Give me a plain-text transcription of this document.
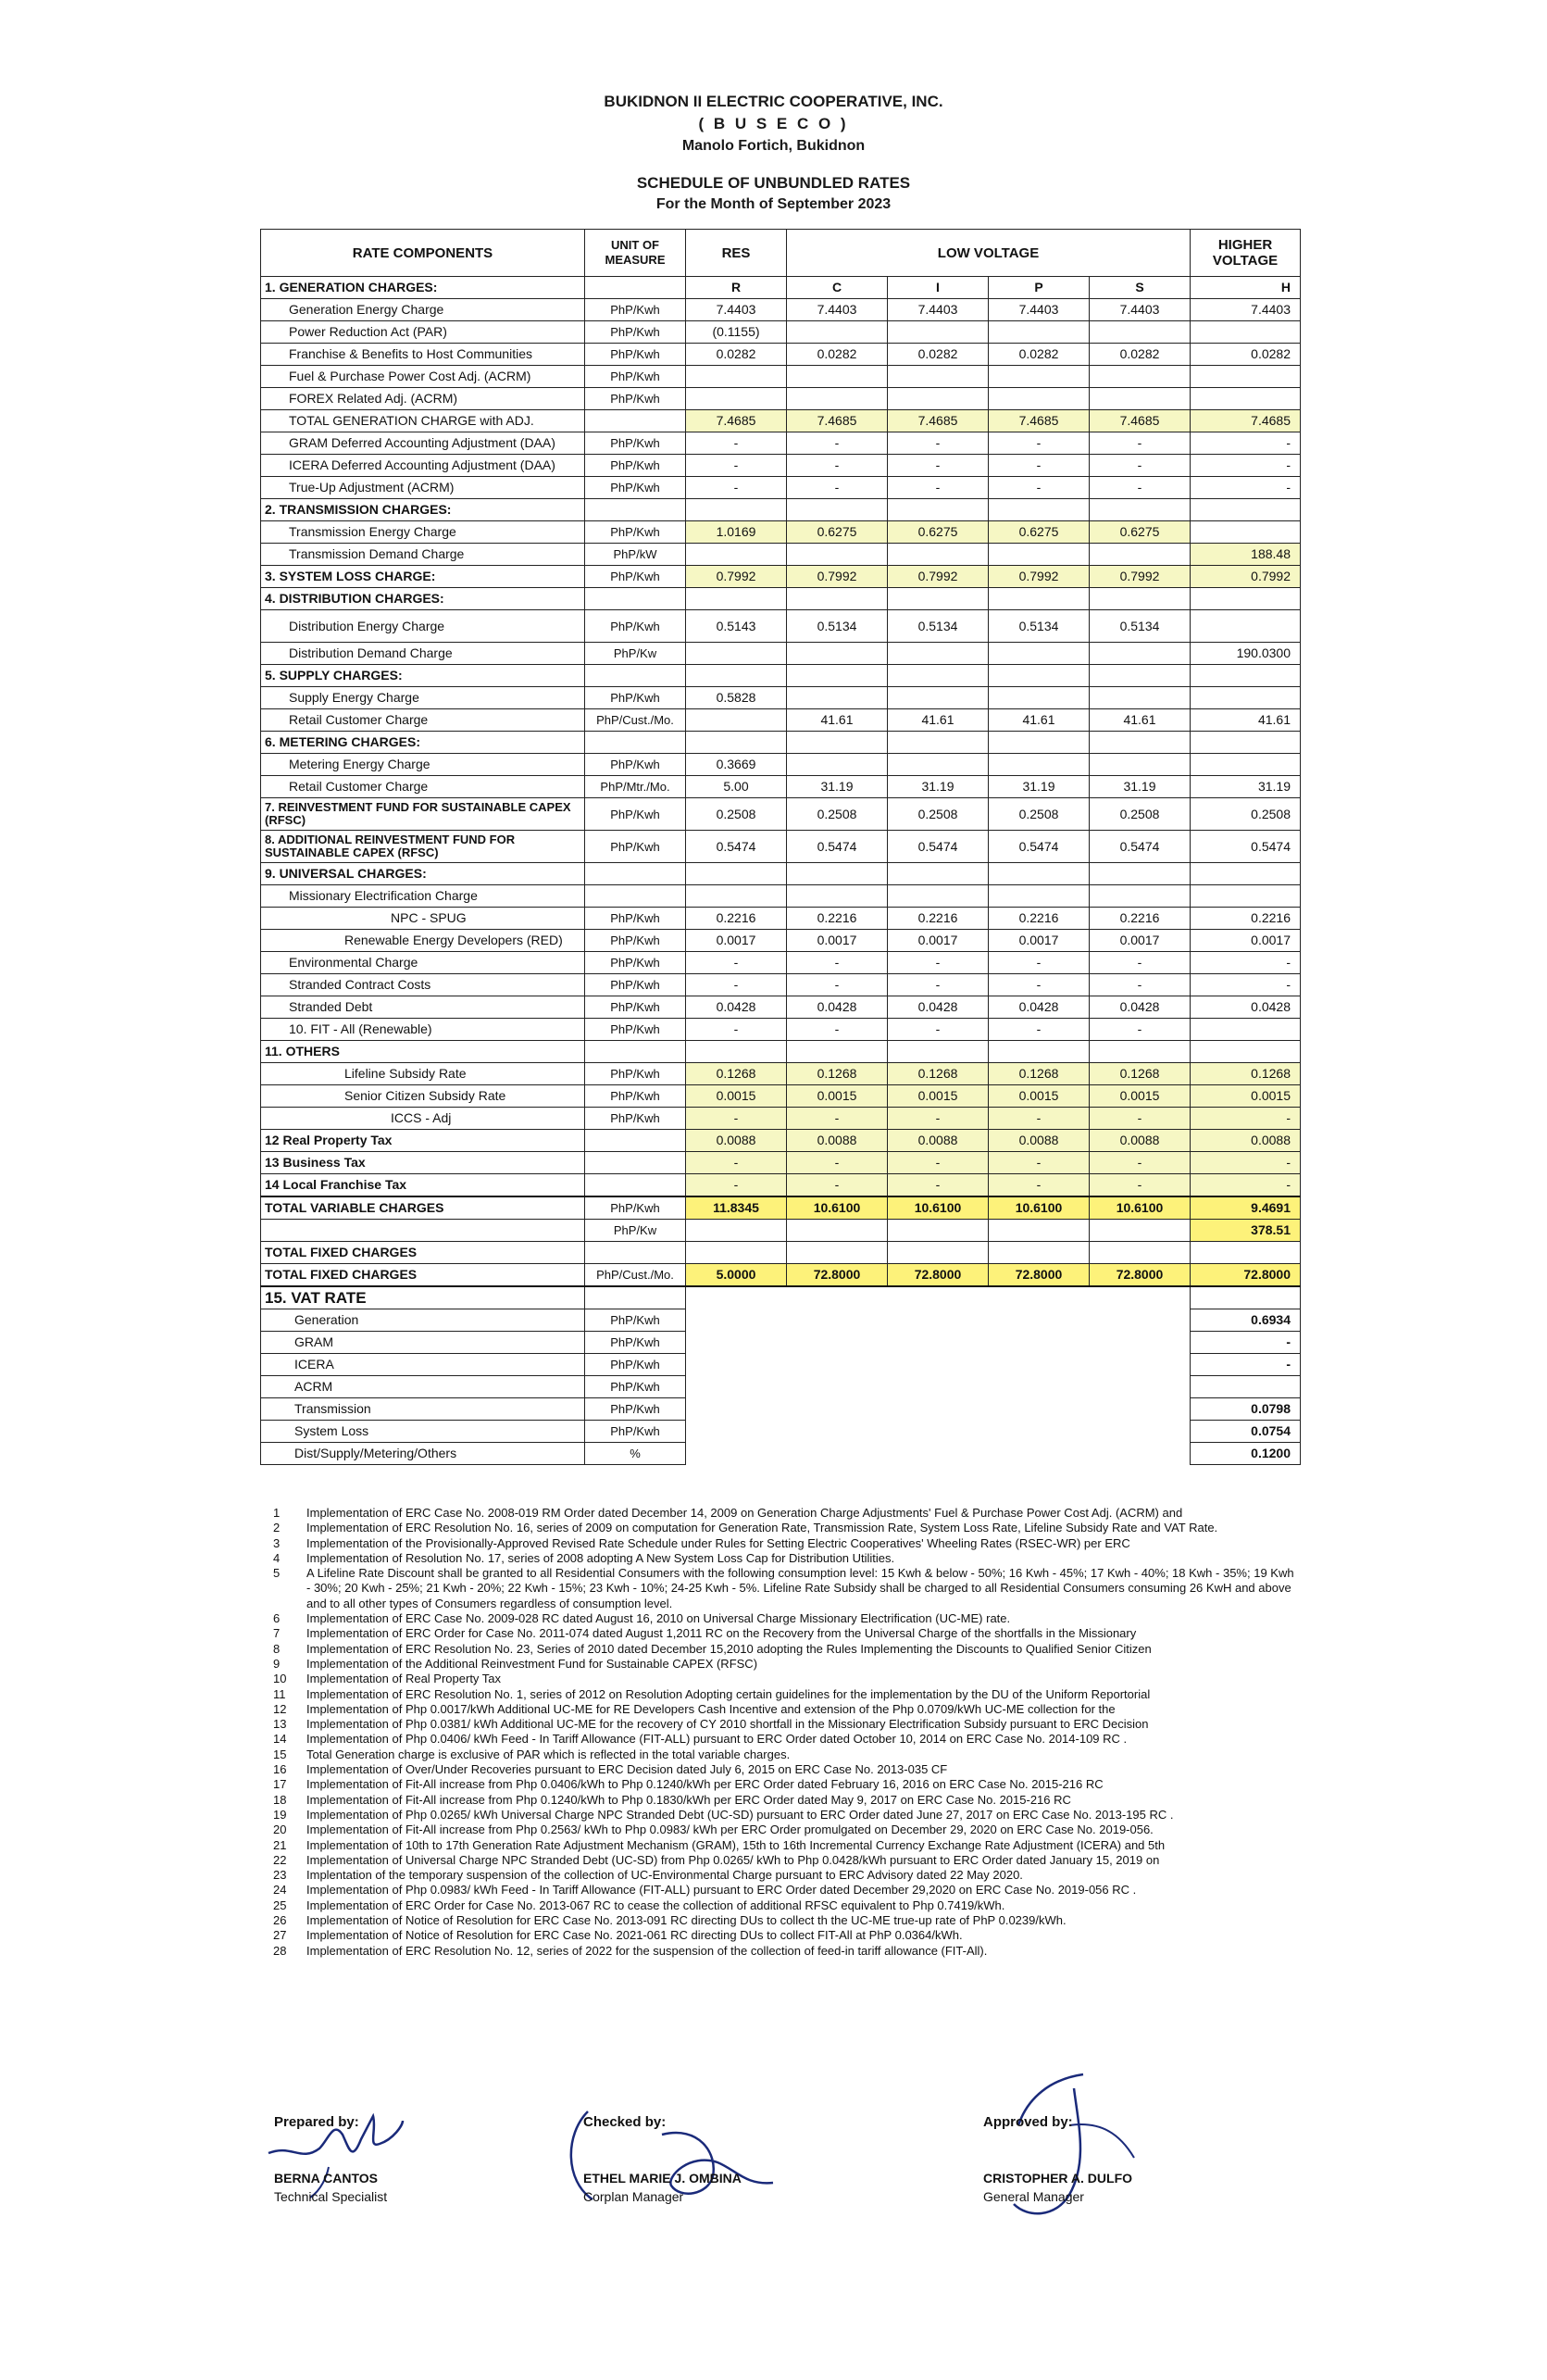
BUKIDNON II ELECTRIC COOPERATIVE, INC.
( B U S E C O )
Manolo Fortich, Bukidnon
SCHEDULE OF UNBUNDLED RATES
For the Month of September 2023
RATE COMPONENTS	UNIT OF MEASURE	RES	LOW VOLTAGE				HIGHER VOLTAGE
1. GENERATION CHARGES:		R	C	I	P	S	H
Generation Energy Charge	PhP/Kwh	7.4403	7.4403	7.4403	7.4403	7.4403	7.4403
Power Reduction Act (PAR)	PhP/Kwh	(0.1155)					
Franchise & Benefits to Host Communities	PhP/Kwh	0.0282	0.0282	0.0282	0.0282	0.0282	0.0282
Fuel & Purchase Power Cost Adj. (ACRM)	PhP/Kwh						
FOREX Related Adj. (ACRM)	PhP/Kwh						
TOTAL GENERATION CHARGE with ADJ.		7.4685	7.4685	7.4685	7.4685	7.4685	7.4685
GRAM Deferred Accounting Adjustment (DAA)	PhP/Kwh	-	-	-	-	-	-
ICERA Deferred Accounting Adjustment (DAA)	PhP/Kwh	-	-	-	-	-	-
True-Up Adjustment (ACRM)	PhP/Kwh	-	-	-	-	-	-
2. TRANSMISSION CHARGES:							
Transmission Energy Charge	PhP/Kwh	1.0169	0.6275	0.6275	0.6275	0.6275	
Transmission Demand Charge	PhP/kW						188.48
3. SYSTEM LOSS CHARGE:	PhP/Kwh	0.7992	0.7992	0.7992	0.7992	0.7992	0.7992
4. DISTRIBUTION CHARGES:							
Distribution Energy Charge	PhP/Kwh	0.5143	0.5134	0.5134	0.5134	0.5134	
Distribution Demand Charge	PhP/Kw						190.0300
5. SUPPLY CHARGES:							
Supply Energy Charge	PhP/Kwh	0.5828					
Retail Customer Charge	PhP/Cust./Mo.		41.61	41.61	41.61	41.61	41.61
6. METERING CHARGES:							
Metering Energy Charge	PhP/Kwh	0.3669					
Retail Customer Charge	PhP/Mtr./Mo.	5.00	31.19	31.19	31.19	31.19	31.19
7. REINVESTMENT FUND FOR SUSTAINABLE CAPEX (RFSC)	PhP/Kwh	0.2508	0.2508	0.2508	0.2508	0.2508	0.2508
8. ADDITIONAL REINVESTMENT FUND FOR SUSTAINABLE CAPEX (RFSC)	PhP/Kwh	0.5474	0.5474	0.5474	0.5474	0.5474	0.5474
9. UNIVERSAL CHARGES:							
Missionary Electrification Charge							
NPC - SPUG	PhP/Kwh	0.2216	0.2216	0.2216	0.2216	0.2216	0.2216
Renewable Energy Developers (RED)	PhP/Kwh	0.0017	0.0017	0.0017	0.0017	0.0017	0.0017
Environmental Charge	PhP/Kwh	-	-	-	-	-	-
Stranded Contract Costs	PhP/Kwh	-	-	-	-	-	-
Stranded Debt	PhP/Kwh	0.0428	0.0428	0.0428	0.0428	0.0428	0.0428
10. FIT - All (Renewable)	PhP/Kwh	-	-	-	-	-	
11. OTHERS							
Lifeline Subsidy Rate	PhP/Kwh	0.1268	0.1268	0.1268	0.1268	0.1268	0.1268
Senior Citizen Subsidy Rate	PhP/Kwh	0.0015	0.0015	0.0015	0.0015	0.0015	0.0015
ICCS - Adj	PhP/Kwh	-	-	-	-	-	-
12 Real Property Tax		0.0088	0.0088	0.0088	0.0088	0.0088	0.0088
13 Business Tax		-	-	-	-	-	-
14 Local Franchise Tax		-	-	-	-	-	-
TOTAL VARIABLE CHARGES	PhP/Kwh	11.8345	10.6100	10.6100	10.6100	10.6100	9.4691
	PhP/Kw						378.51
TOTAL FIXED CHARGES							
TOTAL FIXED CHARGES	PhP/Cust./Mo.	5.0000	72.8000	72.8000	72.8000	72.8000	72.8000
15. VAT RATE							
Generation	PhP/Kwh						0.6934
GRAM	PhP/Kwh						-
ICERA	PhP/Kwh						-
ACRM	PhP/Kwh						
Transmission	PhP/Kwh						0.0798
System Loss	PhP/Kwh						0.0754
Dist/Supply/Metering/Others	%						0.1200
1	Implementation of ERC Case No. 2008-019 RM Order dated December 14, 2009 on Generation Charge Adjustments' Fuel & Purchase Power Cost Adj. (ACRM) and
2	Implementation of ERC Resolution No. 16, series of 2009 on computation for Generation Rate, Transmission Rate, System Loss Rate, Lifeline Subsidy Rate and VAT Rate.
3	Implementation of the Provisionally-Approved Revised Rate Schedule under Rules for Setting Electric Cooperatives' Wheeling Rates (RSEC-WR) per ERC
4	Implementation of Resolution No. 17, series of 2008 adopting A New System Loss Cap for Distribution Utilities.
5	A Lifeline Rate Discount shall be granted to all Residential Consumers with the following consumption level: 15 Kwh & below - 50%; 16 Kwh - 45%; 17 Kwh - 40%; 18 Kwh - 35%; 19 Kwh - 30%; 20 Kwh - 25%; 21 Kwh - 20%; 22 Kwh - 15%; 23 Kwh - 10%; 24-25 Kwh - 5%. Lifeline Rate Subsidy shall be charged to all Residential Consumers consuming 26 KwH and above and to all other types of Consumers regardless of consumption level.
6	Implementation of ERC Case No. 2009-028 RC dated August 16, 2010 on Universal Charge Missionary Electrification (UC-ME) rate.
7	Implementation of ERC Order for Case No. 2011-074 dated August 1,2011 RC on the Recovery from the Universal Charge of the shortfalls in the Missionary
8	Implementation of ERC Resolution No. 23, Series of 2010 dated December 15,2010 adopting the Rules Implementing the Discounts to Qualified Senior Citizen
9	Implementation of the Additional Reinvestment Fund for Sustainable CAPEX (RFSC)
10	Implementation of Real Property Tax
11	Implementation of ERC Resolution No. 1, series of 2012 on Resolution Adopting certain guidelines for the implementation by the DU of the Uniform Reportorial
12	Implementation of Php 0.0017/kWh Additional UC-ME for RE Developers Cash Incentive and extension of the Php 0.0709/kWh UC-ME collection for the
13	Implementation of Php 0.0381/ kWh Additional UC-ME for the recovery of CY 2010 shortfall in the Missionary Electrification Subsidy pursuant to ERC Decision
14	Implementation of Php 0.0406/ kWh Feed - In Tariff Allowance (FIT-ALL) pursuant to ERC Order dated October 10, 2014 on ERC Case No. 2014-109 RC .
15	Total Generation charge is exclusive of PAR which is reflected in the total variable charges.
16	Implementation of Over/Under Recoveries pursuant to ERC Decision dated July 6, 2015 on ERC Case No. 2013-035 CF
17	Implementation of Fit-All increase from Php 0.0406/kWh to Php 0.1240/kWh per ERC Order dated February 16, 2016 on ERC Case No. 2015-216 RC
18	Implementation of Fit-All increase from Php 0.1240/kWh to Php 0.1830/kWh per ERC Order dated May 9, 2017 on ERC Case No. 2015-216 RC
19	Implementation of Php 0.0265/ kWh Universal Charge NPC Stranded Debt (UC-SD) pursuant to ERC Order dated June 27, 2017 on ERC Case No. 2013-195 RC .
20	Implementation of Fit-All increase from Php 0.2563/ kWh to Php 0.0983/ kWh per ERC Order promulgated on December 29, 2020 on ERC Case No. 2019-056.
21	Implementation of 10th to 17th Generation Rate Adjustment Mechanism (GRAM), 15th to 16th Incremental Currency Exchange Rate Adjustment (ICERA) and 5th
22	Implementation of Universal Charge NPC Stranded Debt (UC-SD) from Php 0.0265/ kWh to Php 0.0428/kWh pursuant to ERC Order dated January 15, 2019 on
23	Implentation of the temporary suspension of the collection of UC-Environmental Charge pursuant to ERC Advisory dated 22 May 2020.
24	Implementation of Php 0.0983/ kWh Feed - In Tariff Allowance (FIT-ALL) pursuant to ERC Order dated December 29,2020 on ERC Case No. 2019-056 RC .
25	Implementation of ERC Order for Case No. 2013-067 RC to cease the collection of additional RFSC equivalent to Php 0.7419/kWh.
26	Implementation of Notice of Resolution for ERC Case No. 2013-091 RC directing DUs to collect th the UC-ME true-up rate of PhP 0.0239/kWh.
27	Implementation of Notice of Resolution for ERC Case No. 2021-061 RC directing DUs to collect FIT-All at PhP 0.0364/kWh.
28	Implementation of ERC Resolution No. 12, series of 2022 for the suspension of the collection of feed-in tariff allowance (FIT-All).
Prepared by:
BERNA CANTOS
Technical Specialist
Checked by:
ETHEL MARIE J. OMBINA
Corplan Manager
Approved by:
CRISTOPHER A. DULFO
General Manager
